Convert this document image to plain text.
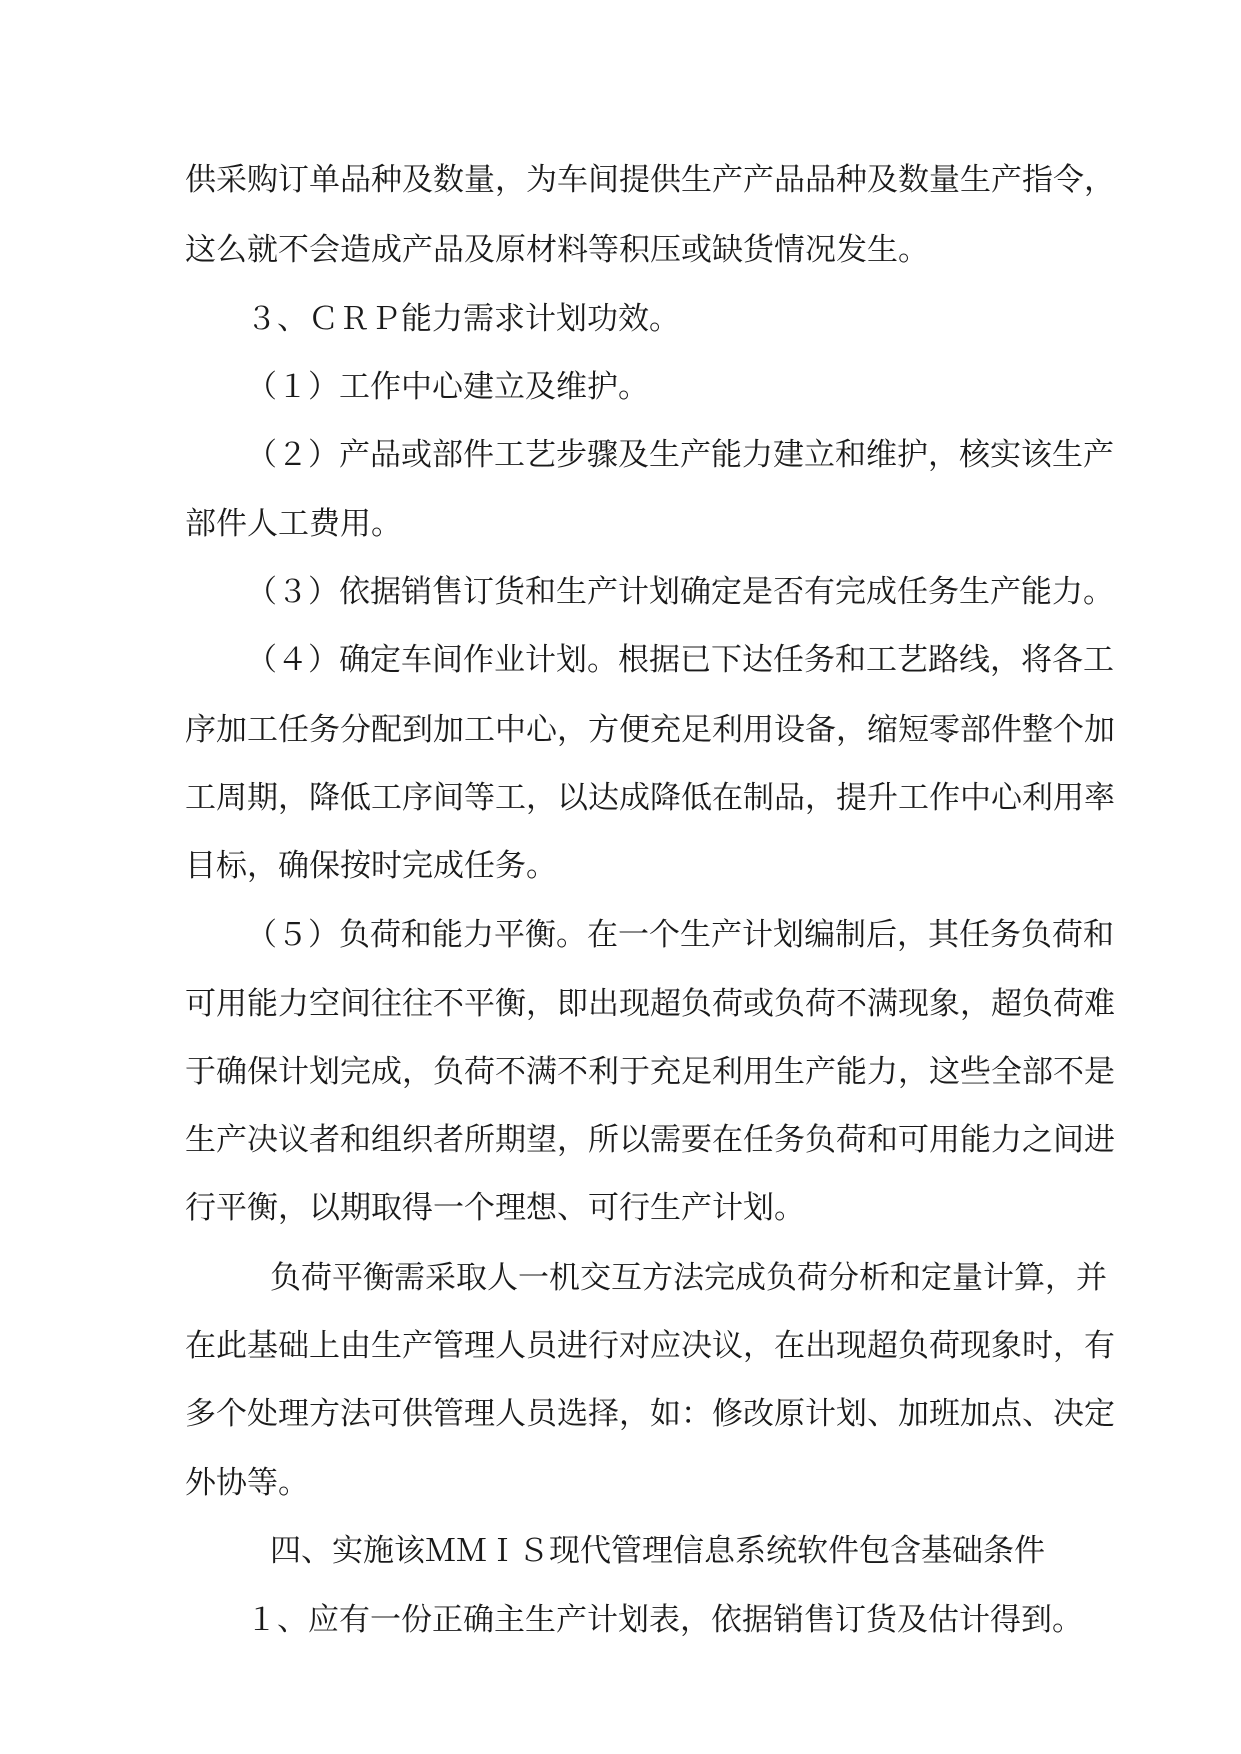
供采购订单品种及数量，为车间提供生产产品品种及数量生产指令，
这么就不会造成产品及原材料等积压或缺货情况发生。
３、ＣＲＰ能力需求计划功效。
（１）工作中心建立及维护。
（２）产品或部件工艺步骤及生产能力建立和维护，核实该生产
部件人工费用。
（３）依据销售订货和生产计划确定是否有完成任务生产能力。
（４）确定车间作业计划。根据已下达任务和工艺路线，将各工
序加工任务分配到加工中心，方便充足利用设备，缩短零部件整个加
工周期，降低工序间等工，以达成降低在制品，提升工作中心利用率
目标，确保按时完成任务。
（５）负荷和能力平衡。在一个生产计划编制后，其任务负荷和
可用能力空间往往不平衡，即出现超负荷或负荷不满现象，超负荷难
于确保计划完成，负荷不满不利于充足利用生产能力，这些全部不是
生产决议者和组织者所期望，所以需要在任务负荷和可用能力之间进
行平衡，以期取得一个理想、可行生产计划。
负荷平衡需采取人一机交互方法完成负荷分析和定量计算，并
在此基础上由生产管理人员进行对应决议，在出现超负荷现象时，有
多个处理方法可供管理人员选择，如：修改原计划、加班加点、决定
外协等。
四、实施该ＭＭＩＳ现代管理信息系统软件包含基础条件
１、应有一份正确主生产计划表，依据销售订货及估计得到。
